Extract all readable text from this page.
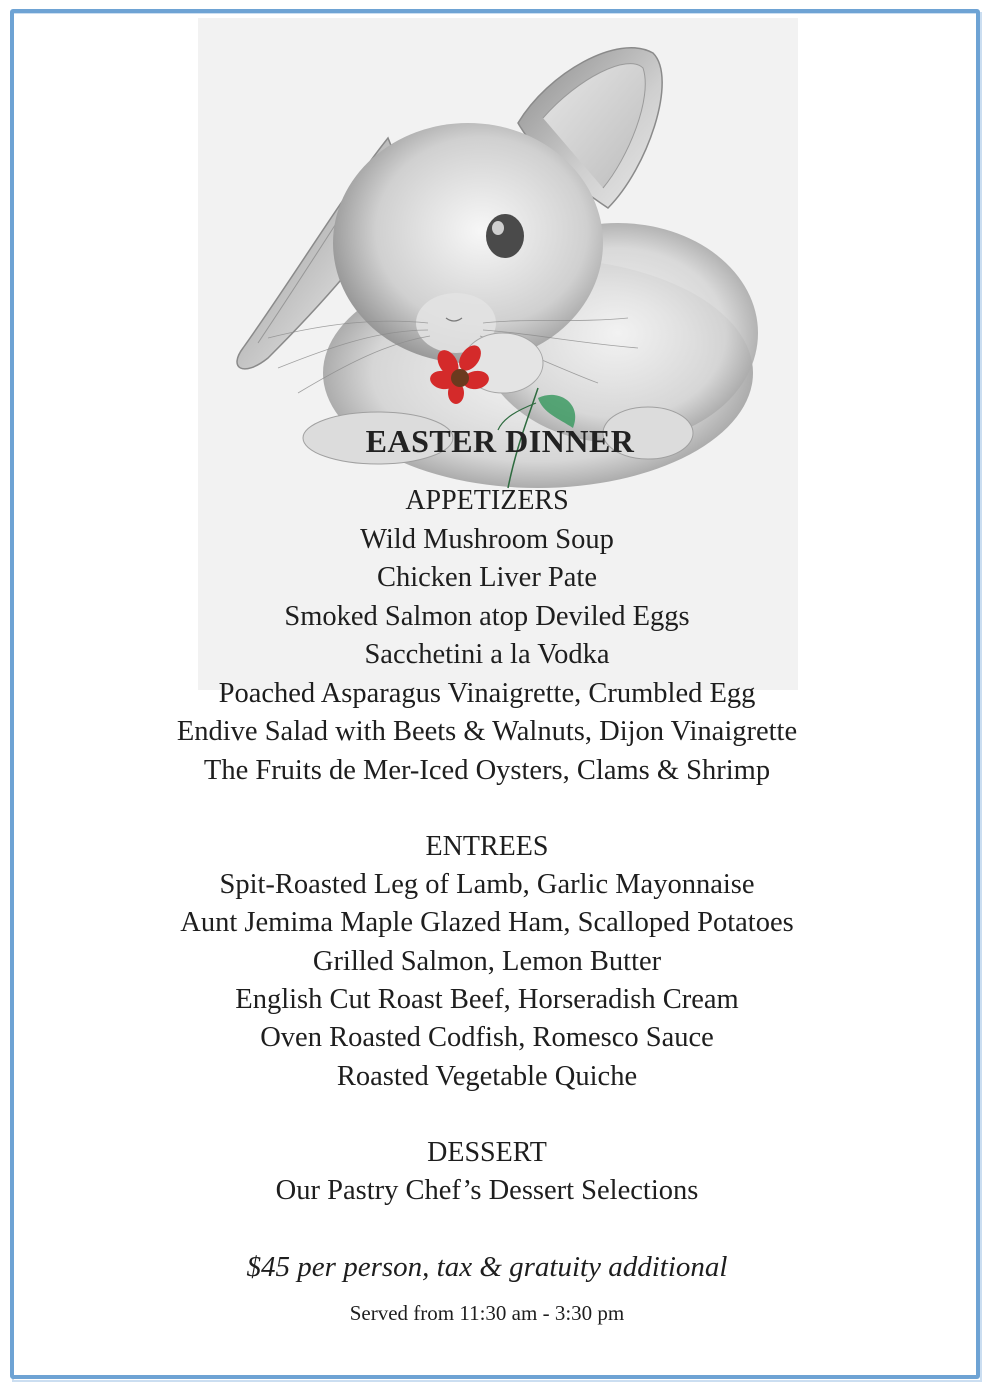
EASTER DINNER
APPETIZERS
Wild Mushroom Soup
Chicken Liver Pate
Smoked Salmon atop Deviled Eggs
Sacchetini a la Vodka
Poached Asparagus Vinaigrette, Crumbled Egg
Endive Salad with Beets & Walnuts, Dijon Vinaigrette
The Fruits de Mer-Iced Oysters, Clams & Shrimp
ENTREES
Spit-Roasted Leg of Lamb, Garlic Mayonnaise
Aunt Jemima Maple Glazed Ham, Scalloped Potatoes
Grilled Salmon, Lemon Butter
English Cut Roast Beef, Horseradish Cream
Oven Roasted Codfish, Romesco Sauce
Roasted Vegetable Quiche
DESSERT
Our Pastry Chef’s Dessert Selections
$45 per person, tax & gratuity additional
Served from 11:30 am - 3:30 pm
